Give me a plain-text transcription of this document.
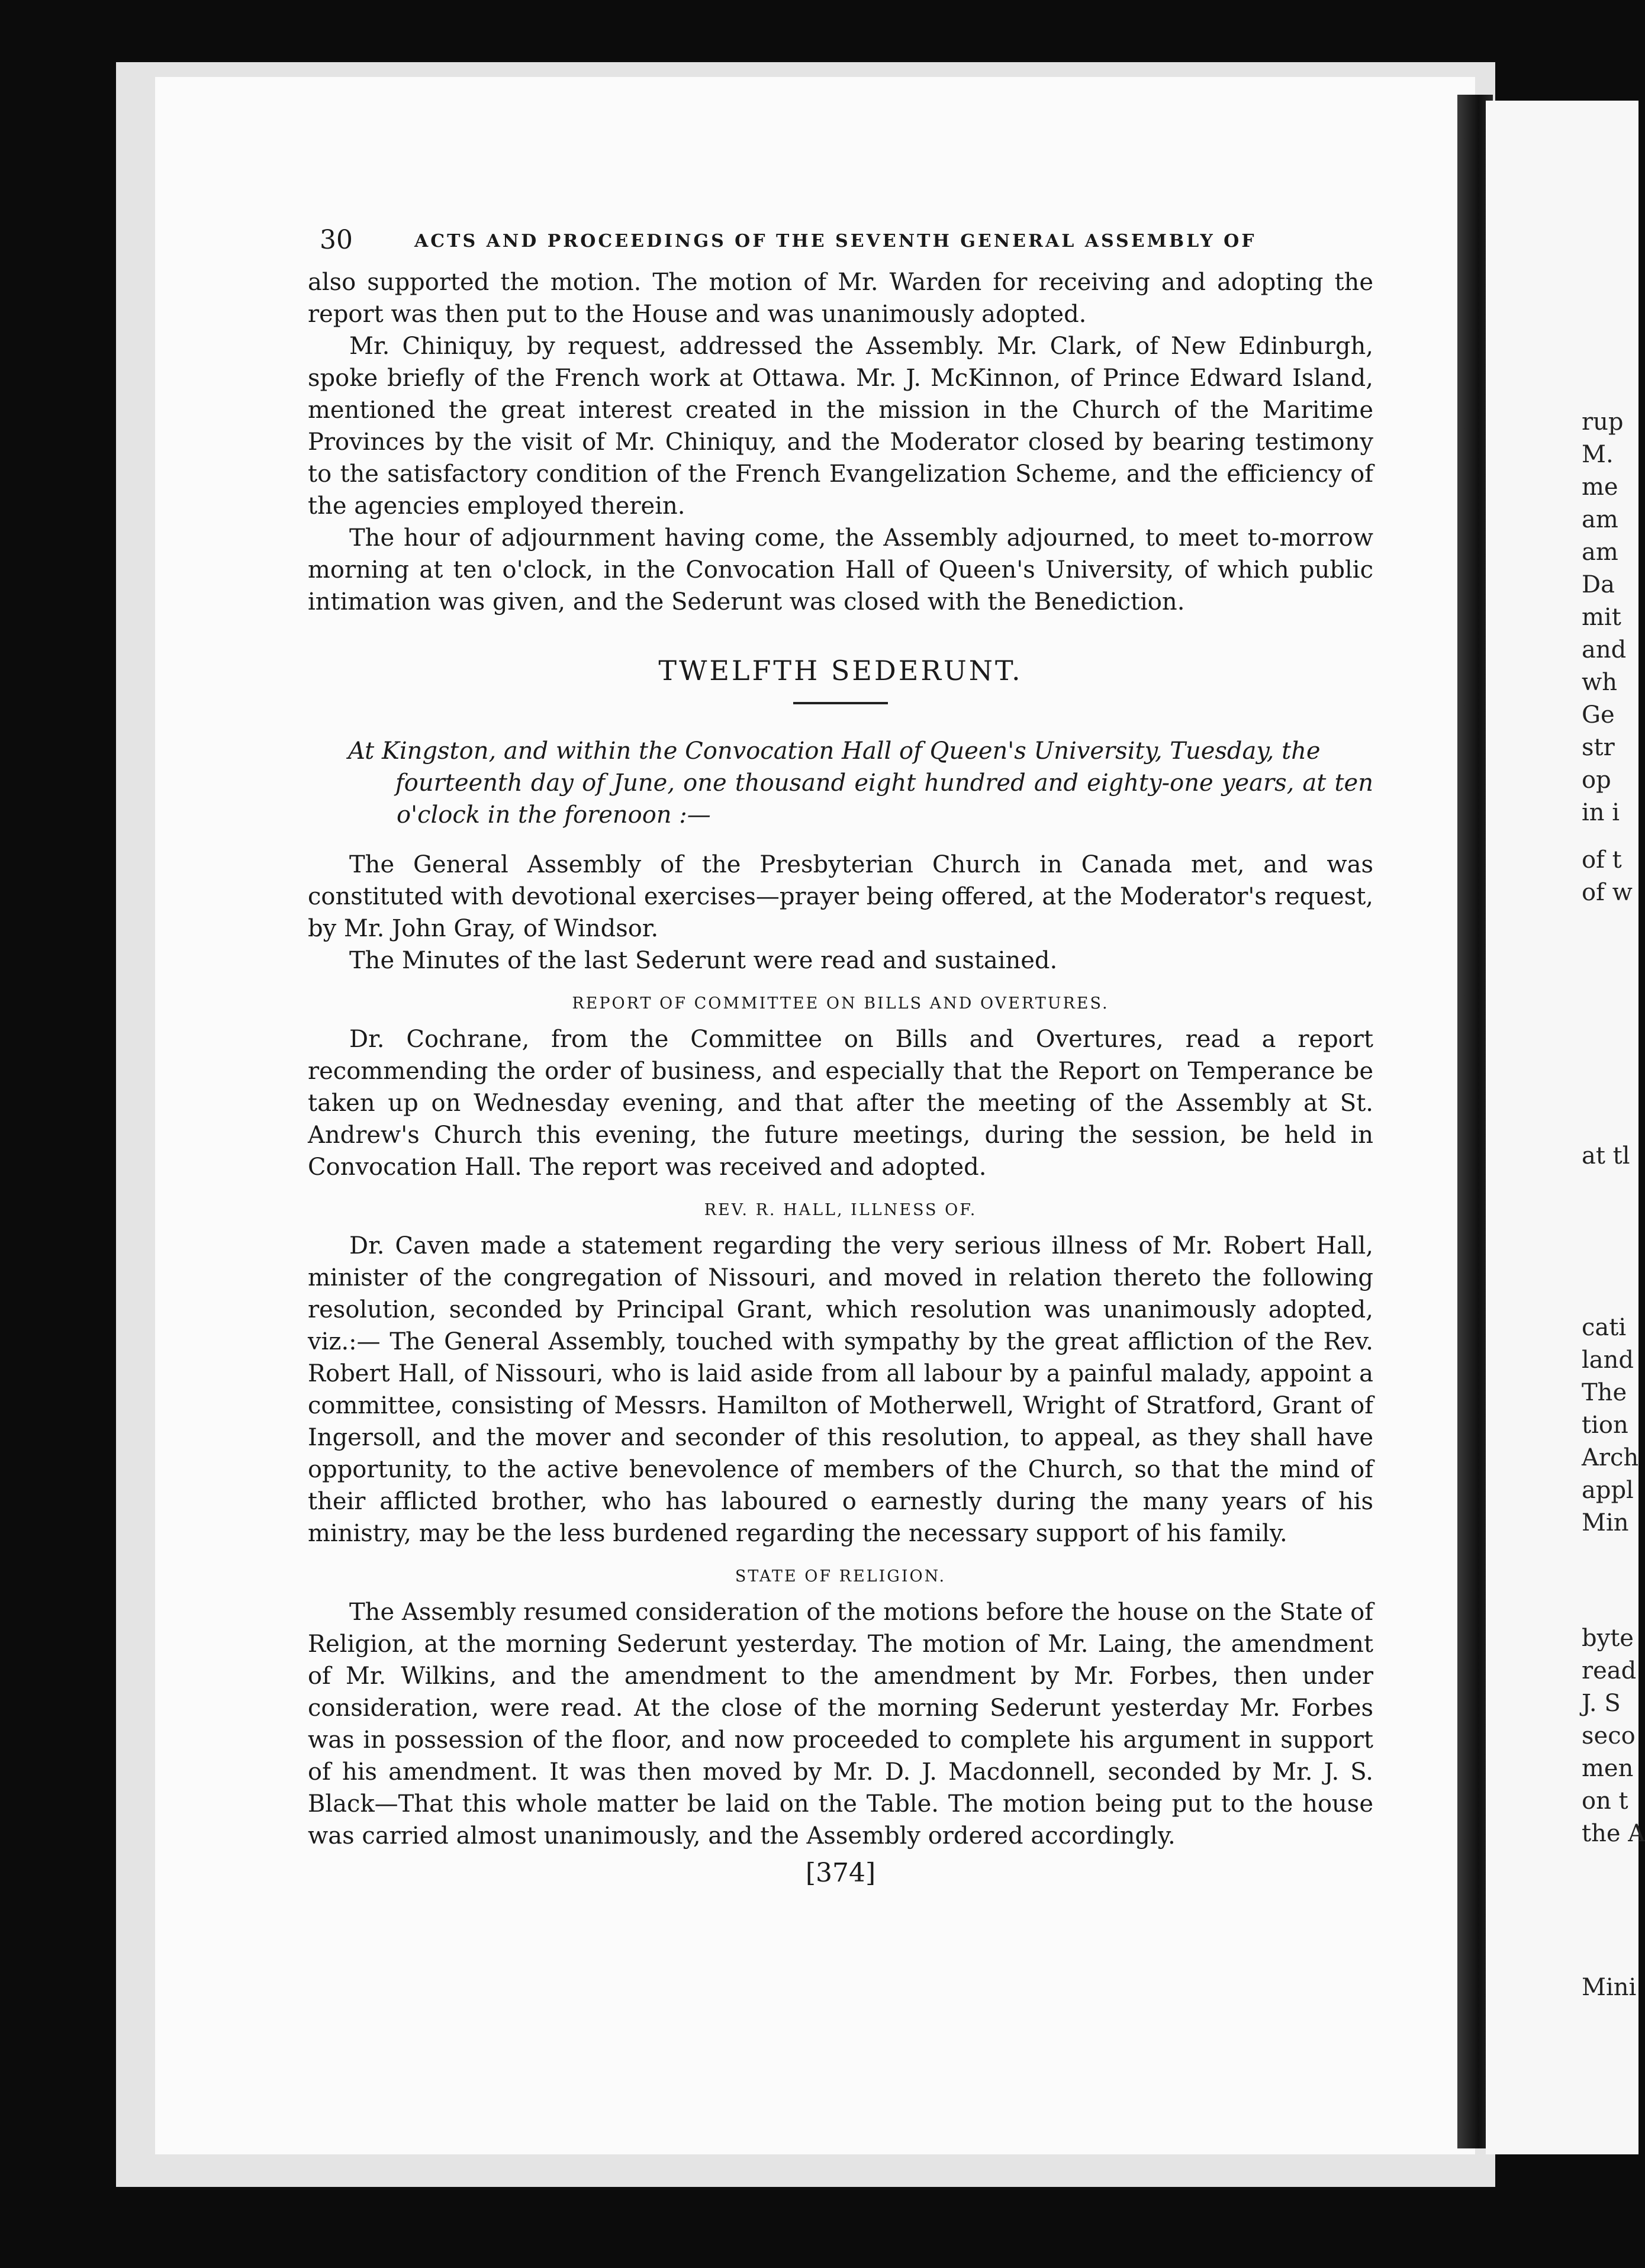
30	ACTS AND PROCEEDINGS OF THE SEVENTH GENERAL ASSEMBLY OF

also supported the motion. The motion of Mr. Warden for receiving and adopting the report was then put to the House and was unanimously adopted.

Mr. Chiniquy, by request, addressed the Assembly. Mr. Clark, of New Edinburgh, spoke briefly of the French work at Ottawa. Mr. J. McKinnon, of Prince Edward Island, mentioned the great interest created in the mission in the Church of the Maritime Provinces by the visit of Mr. Chiniquy, and the Moderator closed by bearing testimony to the satisfactory condition of the French Evangelization Scheme, and the efficiency of the agencies employed therein.

The hour of adjournment having come, the Assembly adjourned, to meet to-morrow morning at ten o'clock, in the Convocation Hall of Queen's University, of which public intimation was given, and the Sederunt was closed with the Benediction.

TWELFTH SEDERUNT.
At Kingston, and within the Convocation Hall of Queen's University, Tuesday, the
fourteenth day of June, one thousand eight hundred and eighty-one years, at ten o'clock in the forenoon :—

The General Assembly of the Presbyterian Church in Canada met, and was constituted with devotional exercises—prayer being offered, at the Moderator's request, by Mr. John Gray, of Windsor.

The Minutes of the last Sederunt were read and sustained.

REPORT OF COMMITTEE ON BILLS AND OVERTURES.

Dr. Cochrane, from the Committee on Bills and Overtures, read a report recommending the order of business, and especially that the Report on Temperance be taken up on Wednesday evening, and that after the meeting of the Assembly at St. Andrew's Church this evening, the future meetings, during the session, be held in Convocation Hall. The report was received and adopted.

REV. R. HALL, ILLNESS OF.

Dr. Caven made a statement regarding the very serious illness of Mr. Robert Hall, minister of the congregation of Nissouri, and moved in relation thereto the following resolution, seconded by Principal Grant, which resolution was unanimously adopted, viz.:— The General Assembly, touched with sympathy by the great affliction of the Rev. Robert Hall, of Nissouri, who is laid aside from all labour by a painful malady, appoint a committee, consisting of Messrs. Hamilton of Motherwell, Wright of Stratford, Grant of Ingersoll, and the mover and seconder of this resolution, to appeal, as they shall have opportunity, to the active benevolence of members of the Church, so that the mind of their afflicted brother, who has laboured o earnestly during the many years of his ministry, may be the less burdened regarding the necessary support of his family.

STATE OF RELIGION.

The Assembly resumed consideration of the motions before the house on the State of Religion, at the morning Sederunt yesterday. The motion of Mr. Laing, the amendment of Mr. Wilkins, and the amendment to the amendment by Mr. Forbes, then under consideration, were read. At the close of the morning Sederunt yesterday Mr. Forbes was in possession of the floor, and now proceeded to complete his argument in support of his amendment. It was then moved by Mr. D. J. Macdonnell, seconded by Mr. J. S. Black—That this whole matter be laid on the Table. The motion being put to the house was carried almost unanimously, and the Assembly ordered accordingly.

[374]
rup
M.
me
am
am
Da
mit
and
wh
Ge
str
op
in i
of t
of w
at tl
cati
land
The
tion
Arch
appl
Min
byte
read
J. S
seco
men
on t
the A
Mini
